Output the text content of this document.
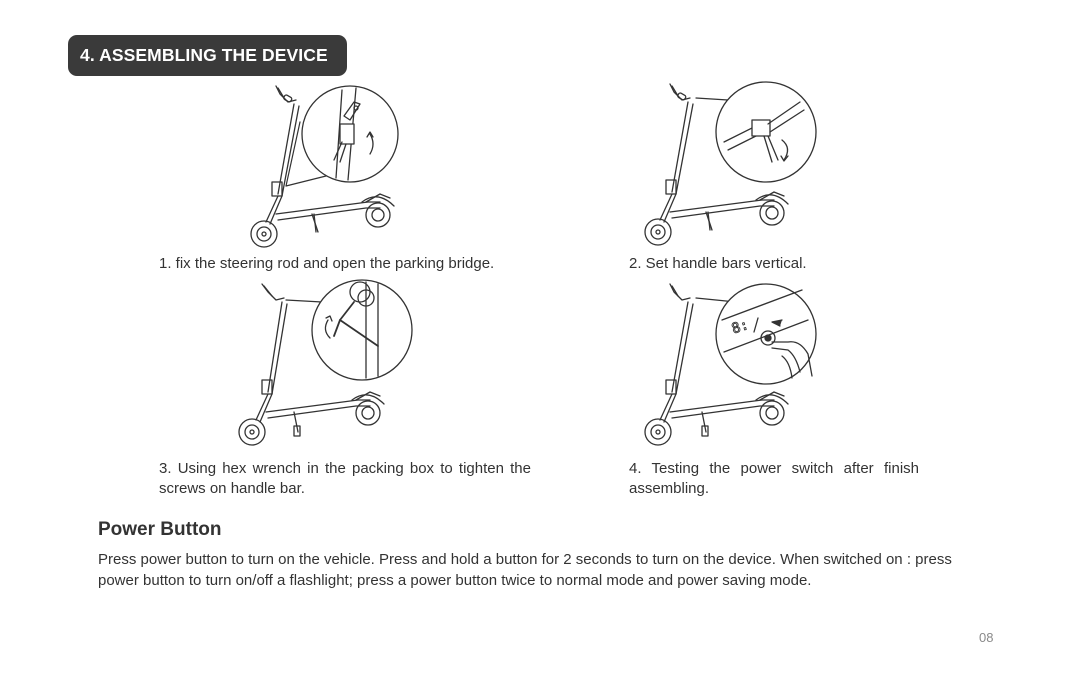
4. ASSEMBLING THE DEVICE
8:

1. fix the steering rod and open the parking bridge.	2. Set handle bars vertical.

3. Using hex wrench in the packing box to tighten the screws on handle bar.

4. Testing the power switch after finish assembling.

Power Button

Press power button to turn on the vehicle. Press and hold a button for 2 seconds to turn on the device. When switched on : press power button to turn on/off a flashlight; press a power button twice to normal mode and power saving mode.

08
